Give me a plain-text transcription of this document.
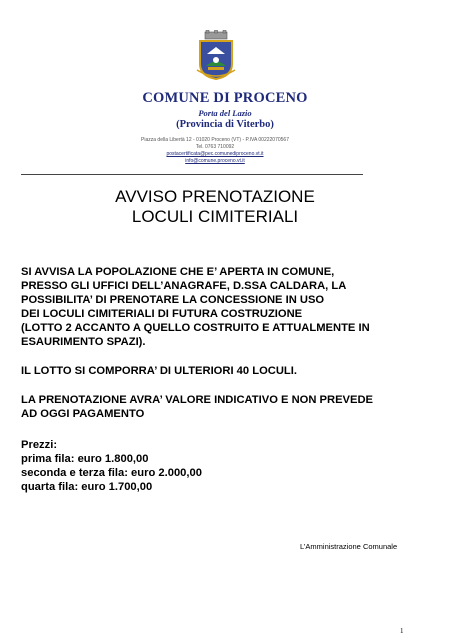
COMUNE DI PROCENO
Porta del Lazio
(Provincia di Viterbo)
Piazza della Libertà 12 - 01020 Proceno (VT) - P.IVA 00222070567
Tel. 0763 710092
postacertificata@pec.comunediproceno.vt.it
info@comune.proceno.vt.it
AVVISO PRENOTAZIONE
LOCULI CIMITERIALI
SI AVVISA LA POPOLAZIONE CHE E’ APERTA IN COMUNE,
PRESSO GLI UFFICI DELL’ANAGRAFE, D.SSA CALDARA, LA
POSSIBILITA’ DI PRENOTARE LA CONCESSIONE IN USO
DEI LOCULI CIMITERIALI DI FUTURA COSTRUZIONE
(LOTTO 2 ACCANTO A QUELLO COSTRUITO E ATTUALMENTE IN
ESAURIMENTO SPAZI).
IL LOTTO SI COMPORRA’ DI ULTERIORI 40 LOCULI.
LA PRENOTAZIONE AVRA’ VALORE INDICATIVO E NON PREVEDE
AD OGGI PAGAMENTO
Prezzi:
prima fila: euro 1.800,00
seconda e terza fila: euro 2.000,00
quarta fila: euro 1.700,00
L’Amministrazione Comunale
1
